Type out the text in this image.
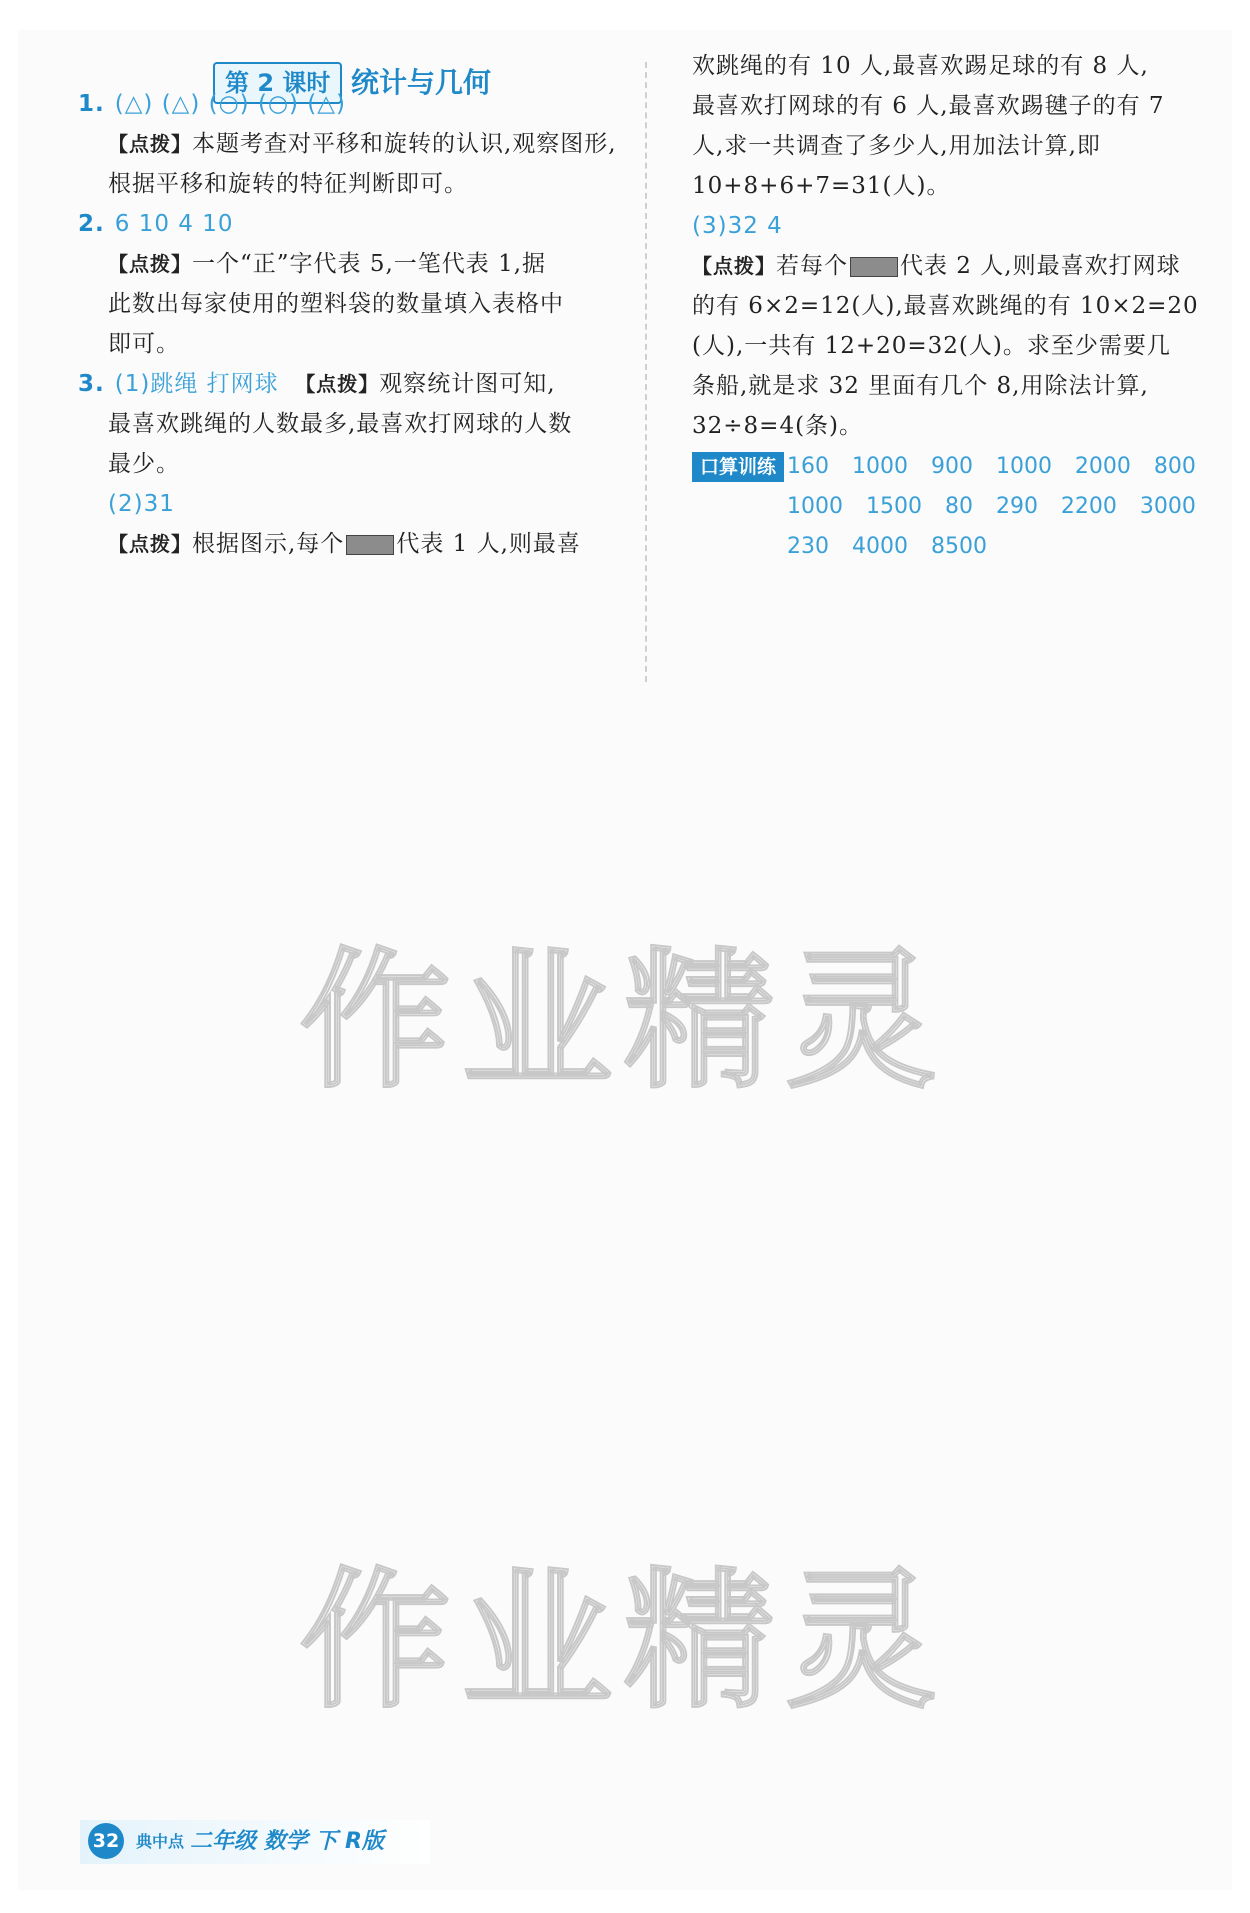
第 2 课时 统计与几何
1. (△) (△) (○) (○) (△)
【点拨】本题考查对平移和旋转的认识,观察图形,
根据平移和旋转的特征判断即可。
2. 6 10 4 10
【点拨】一个“正”字代表 5,一笔代表 1,据
此数出每家使用的塑料袋的数量填入表格中
即可。
3. (1)跳绳 打网球 【点拨】观察统计图可知,
最喜欢跳绳的人数最多,最喜欢打网球的人数
最少。
(2)31
【点拨】根据图示,每个 代表 1 人,则最喜
欢跳绳的有 10 人,最喜欢踢足球的有 8 人,
最喜欢打网球的有 6 人,最喜欢踢毽子的有 7
人,求一共调查了多少人,用加法计算,即
10+8+6+7=31(人)。
(3)32 4
【点拨】若每个 代表 2 人,则最喜欢打网球
的有 6×2=12(人),最喜欢跳绳的有 10×2=20
(人),一共有 12+20=32(人)。求至少需要几
条船,就是求 32 里面有几个 8,用除法计算,
32÷8=4(条)。
口算训练 160 1000 900 1000 2000 800
1000 1500 80 290 2200 3000
230 4000 8500
作业精灵
作业精灵
32 典中点 二年级 数学 下 R版
